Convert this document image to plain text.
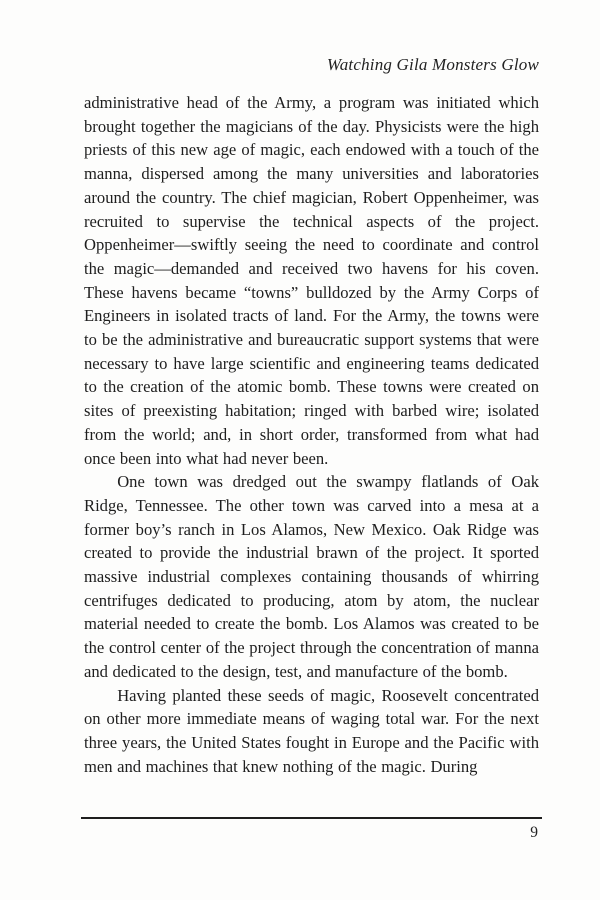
Watching Gila Monsters Glow

administrative head of the Army, a program was initiated which brought together the magicians of the day. Physicists were the high priests of this new age of magic, each endowed with a touch of the manna, dispersed among the many universities and laboratories around the country. The chief magician, Robert Oppenheimer, was recruited to supervise the technical aspects of the project. Oppenheimer—swiftly seeing the need to coordinate and control the magic—demanded and received two havens for his coven. These havens became “towns” bulldozed by the Army Corps of Engineers in isolated tracts of land. For the Army, the towns were to be the administrative and bureaucratic support systems that were necessary to have large scientific and engineering teams dedicated to the creation of the atomic bomb. These towns were created on sites of preexisting habitation; ringed with barbed wire; isolated from the world; and, in short order, transformed from what had once been into what had never been.

One town was dredged out the swampy flatlands of Oak Ridge, Tennessee. The other town was carved into a mesa at a former boy’s ranch in Los Alamos, New Mexico. Oak Ridge was created to provide the industrial brawn of the project. It sported massive industrial complexes containing thousands of whirring centrifuges dedicated to producing, atom by atom, the nuclear material needed to create the bomb. Los Alamos was created to be the control center of the project through the concentration of manna and dedicated to the design, test, and manufacture of the bomb.

Having planted these seeds of magic, Roosevelt concentrated on other more immediate means of waging total war. For the next three years, the United States fought in Europe and the Pacific with men and machines that knew nothing of the magic. During

9
